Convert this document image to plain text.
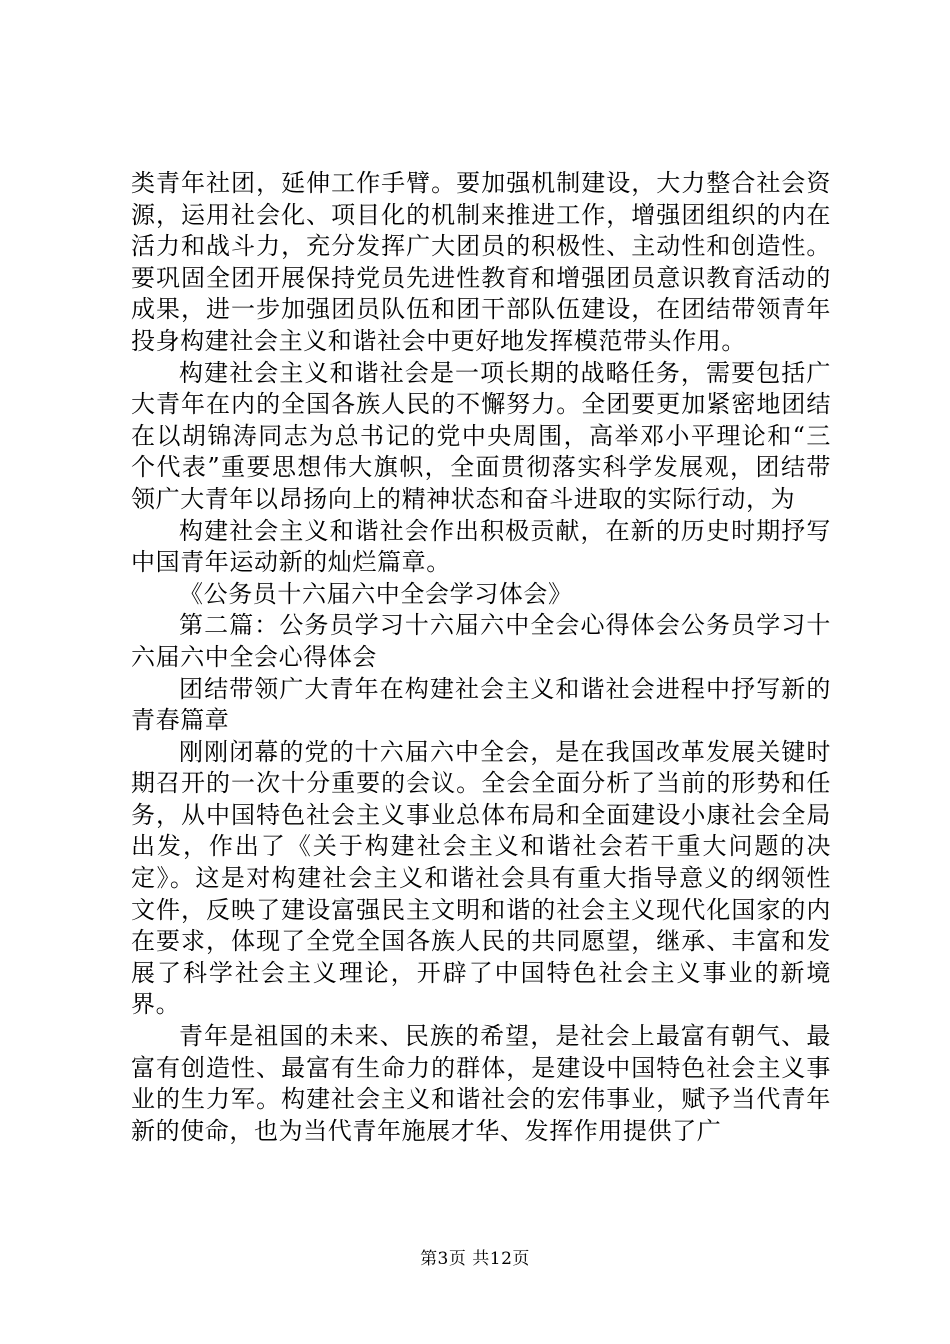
类青年社团，延伸工作手臂。要加强机制建设，大力整合社会资源，运用社会化、项目化的机制来推进工作，增强团组织的内在活力和战斗力，充分发挥广大团员的积极性、主动性和创造性。要巩固全团开展保持党员先进性教育和增强团员意识教育活动的成果，进一步加强团员队伍和团干部队伍建设，在团结带领青年投身构建社会主义和谐社会中更好地发挥模范带头作用。

构建社会主义和谐社会是一项长期的战略任务，需要包括广大青年在内的全国各族人民的不懈努力。全团要更加紧密地团结在以胡锦涛同志为总书记的党中央周围，高举邓小平理论和“三个代表”重要思想伟大旗帜，全面贯彻落实科学发展观，团结带领广大青年以昂扬向上的精神状态和奋斗进取的实际行动，为

构建社会主义和谐社会作出积极贡献，在新的历史时期抒写中国青年运动新的灿烂篇章。

《公务员十六届六中全会学习体会》

第二篇：公务员学习十六届六中全会心得体会公务员学习十六届六中全会心得体会

团结带领广大青年在构建社会主义和谐社会进程中抒写新的青春篇章

刚刚闭幕的党的十六届六中全会，是在我国改革发展关键时期召开的一次十分重要的会议。全会全面分析了当前的形势和任务，从中国特色社会主义事业总体布局和全面建设小康社会全局出发，作出了《关于构建社会主义和谐社会若干重大问题的决定》。这是对构建社会主义和谐社会具有重大指导意义的纲领性文件，反映了建设富强民主文明和谐的社会主义现代化国家的内在要求，体现了全党全国各族人民的共同愿望，继承、丰富和发展了科学社会主义理论，开辟了中国特色社会主义事业的新境界。

青年是祖国的未来、民族的希望，是社会上最富有朝气、最富有创造性、最富有生命力的群体，是建设中国特色社会主义事业的生力军。构建社会主义和谐社会的宏伟事业，赋予当代青年新的使命，也为当代青年施展才华、发挥作用提供了广

第3页 共12页
